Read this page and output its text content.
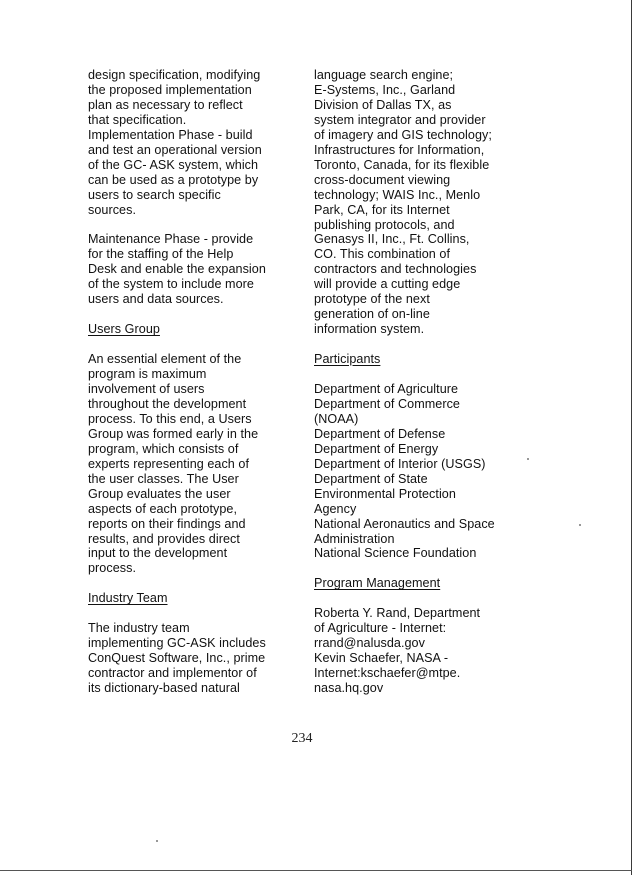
design specification, modifying
the proposed implementation
plan as necessary to reflect
that specification.
Implementation Phase - build
and test an operational version
of the GC- ASK system, which
can be used as a prototype by
users to search specific
sources.
Maintenance Phase - provide
for the staffing of the Help
Desk and enable the expansion
of the system to include more
users and data sources.
Users Group
An essential element of the
program is maximum
involvement of users
throughout the development
process. To this end, a Users
Group was formed early in the
program, which consists of
experts representing each of
the user classes. The User
Group evaluates the user
aspects of each prototype,
reports on their findings and
results, and provides direct
input to the development
process.
Industry Team
The industry team
implementing GC-ASK includes
ConQuest Software, Inc., prime
contractor and implementor of
its dictionary-based natural
language search engine;
E-Systems, Inc., Garland
Division of Dallas TX, as
system integrator and provider
of imagery and GIS technology;
Infrastructures for Information,
Toronto, Canada, for its flexible
cross-document viewing
technology; WAIS Inc., Menlo
Park, CA, for its Internet
publishing protocols, and
Genasys II, Inc., Ft. Collins,
CO. This combination of
contractors and technologies
will provide a cutting edge
prototype of the next
generation of on-line
information system.
Participants
Department of Agriculture
Department of Commerce
(NOAA)
Department of Defense
Department of Energy
Department of Interior (USGS)
Department of State
Environmental Protection
Agency
National Aeronautics and Space
Administration
National Science Foundation
Program Management
Roberta Y. Rand, Department
of Agriculture - Internet:
rrand@nalusda.gov
Kevin Schaefer, NASA -
Internet:kschaefer@mtpe.
nasa.hq.gov
234
